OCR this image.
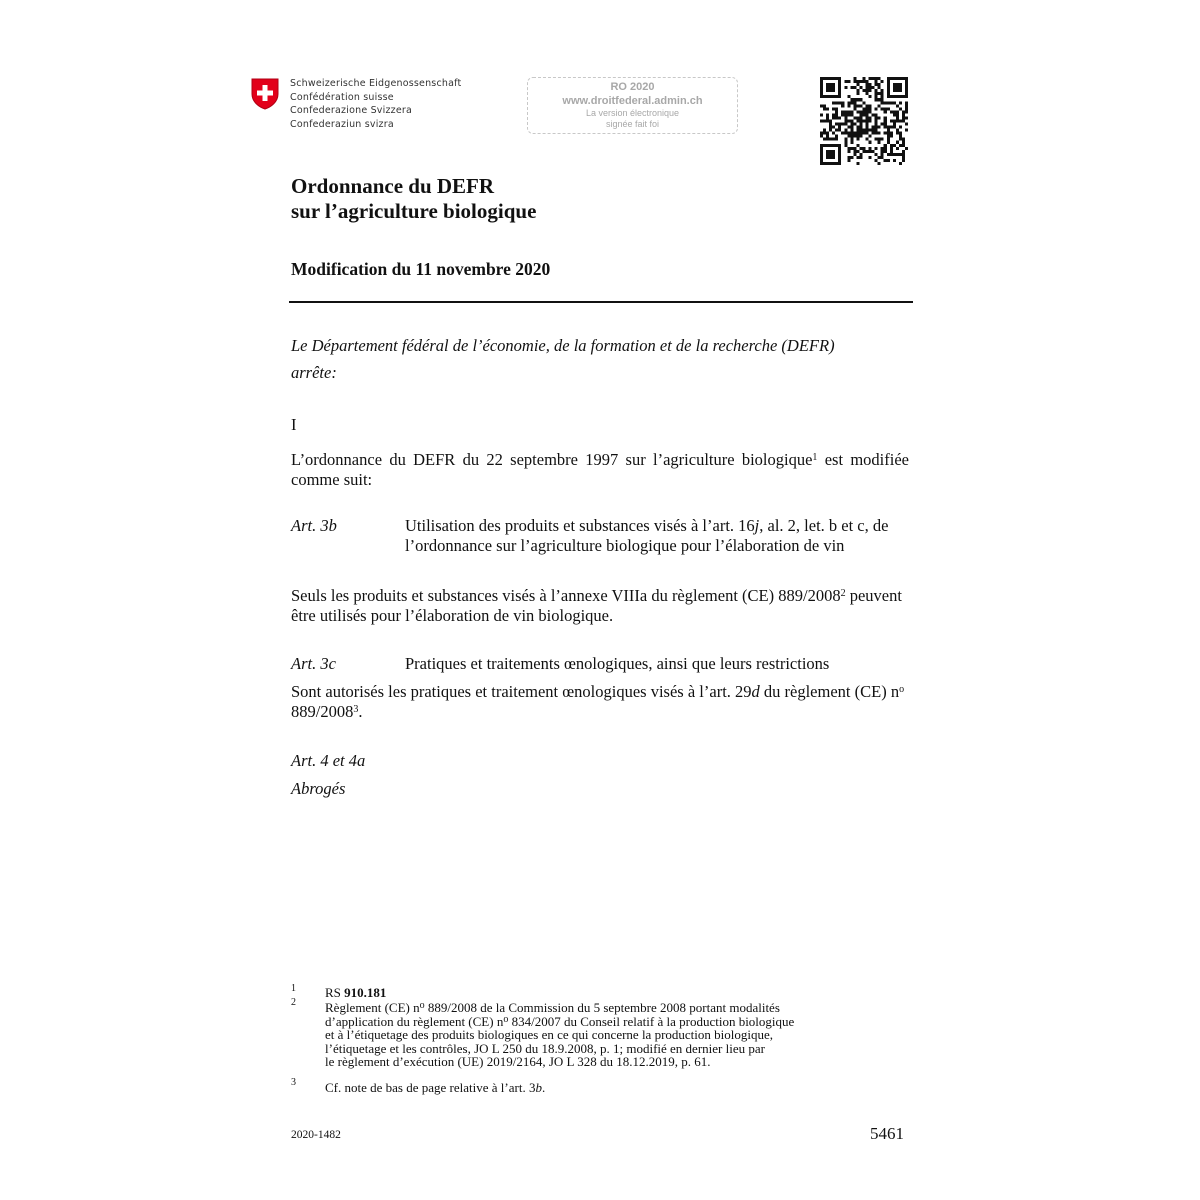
Schweizerische Eidgenossenschaft
Confédération suisse
Confederazione Svizzera
Confederaziun svizra
RO 2020
www.droitfederal.admin.ch
La version électronique
signée fait foi
Ordonnance du DEFR
sur l’agriculture biologique
Modification du 11 novembre 2020
Le Département fédéral de l’économie, de la formation et de la recherche (DEFR)
arrête:
I
L’ordonnance du DEFR du 22 septembre 1997 sur l’agriculture biologique$^1$ est modifiée comme suit:
Art. 3b	Utilisation des produits et substances visés à l’art. 16j, al. 2, let. b et c, de l’ordonnance sur l’agriculture biologique pour l’élaboration de vin
Seuls les produits et substances visés à l’annexe VIIIa du règlement (CE) 889/2008$^2$ peuvent être utilisés pour l’élaboration de vin biologique.
Art. 3c	Pratiques et traitements œnologiques, ainsi que leurs restrictions
Sont autorisés les pratiques et traitement œnologiques visés à l’art. 29d du règlement (CE) $n^o$ 889/2008$^3$.
Art. 4 et 4a
Abrogés
$^1$ RS 910.181
$^2$ Règlement (CE) $n^o$ 889/2008 de la Commission du 5 septembre 2008 portant modalités
d’application du règlement (CE) $n^o$ 834/2007 du Conseil relatif à la production biologique
et à l’étiquetage des produits biologiques en ce qui concerne la production biologique,
l’étiquetage et les contrôles, JO L 250 du 18.9.2008, p. 1; modifié en dernier lieu par
le règlement d’exécution (UE) 2019/2164, JO L 328 du 18.12.2019, p. 61.
$^3$ Cf. note de bas de page relative à l’art. 3b.
2020-1482	5461
